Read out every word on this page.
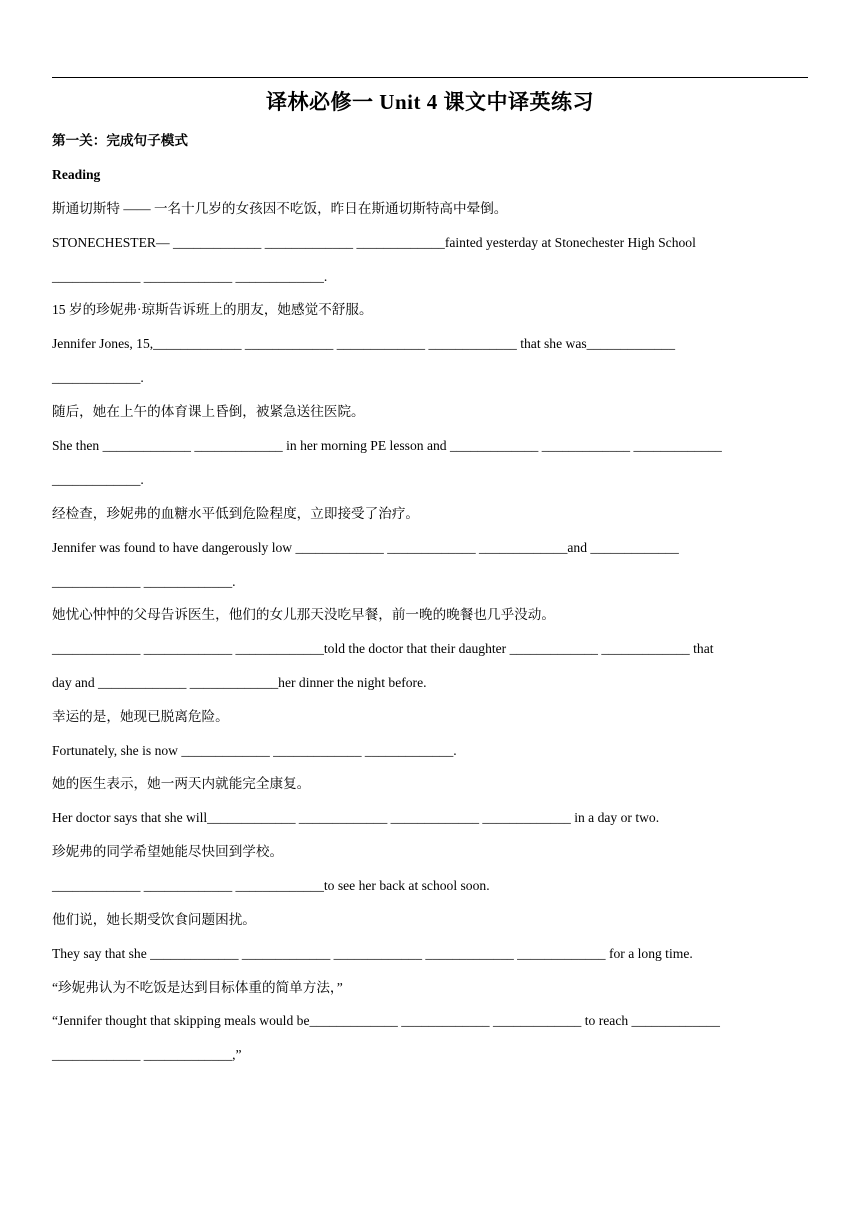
译林必修一 Unit 4 课文中译英练习
第一关：完成句子模式
Reading
斯通切斯特 —— 一名十几岁的女孩因不吃饭，昨日在斯通切斯特高中晕倒。
STONECHESTER— _____________ _____________ _____________fainted yesterday at Stonechester High School
_____________ _____________ _____________.
15 岁的珍妮弗·琼斯告诉班上的朋友，她感觉不舒服。
Jennifer Jones, 15,_____________ _____________ _____________ _____________ that she was_____________
_____________.
随后，她在上午的体育课上昏倒，被紧急送往医院。
She then _____________ _____________ in her morning PE lesson and _____________ _____________ _____________
_____________.
经检查，珍妮弗的血糖水平低到危险程度，立即接受了治疗。
Jennifer was found to have dangerously low _____________ _____________ _____________and _____________
_____________ _____________.
她忧心忡忡的父母告诉医生，他们的女儿那天没吃早餐，前一晚的晚餐也几乎没动。
_____________ _____________ _____________told the doctor that their daughter _____________ _____________ that
day and _____________ _____________her dinner the night before.
幸运的是，她现已脱离危险。
Fortunately, she is now _____________ _____________ _____________.
她的医生表示，她一两天内就能完全康复。
Her doctor says that she will_____________ _____________ _____________ _____________ in a day or two.
珍妮弗的同学希望她能尽快回到学校。
_____________ _____________ _____________to see her back at school soon.
他们说，她长期受饮食问题困扰。
They say that she _____________ _____________ _____________ _____________ _____________ for a long time.
“珍妮弗认为不吃饭是达到目标体重的简单方法，”
“Jennifer thought that skipping meals would be_____________ _____________ _____________ to reach _____________
_____________ _____________,”
